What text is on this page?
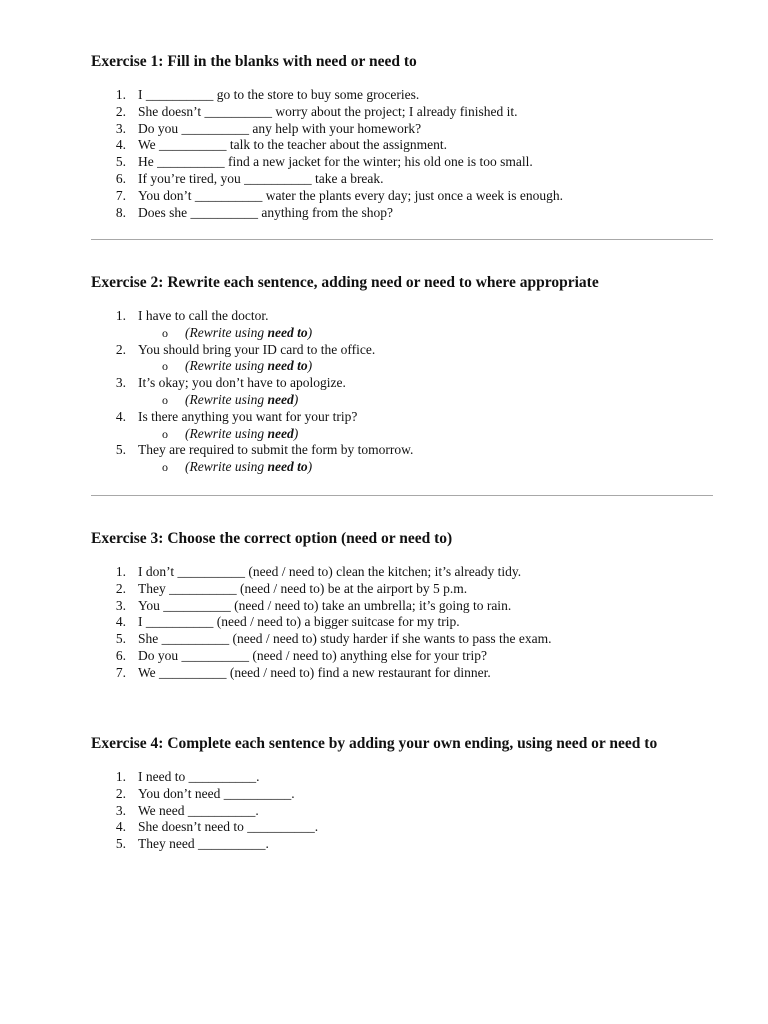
Exercise 1: Fill in the blanks with need or need to
1. I __________ go to the store to buy some groceries.
2. She doesn’t __________ worry about the project; I already finished it.
3. Do you __________ any help with your homework?
4. We __________ talk to the teacher about the assignment.
5. He __________ find a new jacket for the winter; his old one is too small.
6. If you’re tired, you __________ take a break.
7. You don’t __________ water the plants every day; just once a week is enough.
8. Does she __________ anything from the shop?
Exercise 2: Rewrite each sentence, adding need or need to where appropriate
1. I have to call the doctor.
o (Rewrite using need to)
2. You should bring your ID card to the office.
o (Rewrite using need to)
3. It’s okay; you don’t have to apologize.
o (Rewrite using need)
4. Is there anything you want for your trip?
o (Rewrite using need)
5. They are required to submit the form by tomorrow.
o (Rewrite using need to)
Exercise 3: Choose the correct option (need or need to)
1. I don’t __________ (need / need to) clean the kitchen; it’s already tidy.
2. They __________ (need / need to) be at the airport by 5 p.m.
3. You __________ (need / need to) take an umbrella; it’s going to rain.
4. I __________ (need / need to) a bigger suitcase for my trip.
5. She __________ (need / need to) study harder if she wants to pass the exam.
6. Do you __________ (need / need to) anything else for your trip?
7. We __________ (need / need to) find a new restaurant for dinner.
Exercise 4: Complete each sentence by adding your own ending, using need or need to
1. I need to __________.
2. You don’t need __________.
3. We need __________.
4. She doesn’t need to __________.
5. They need __________.
